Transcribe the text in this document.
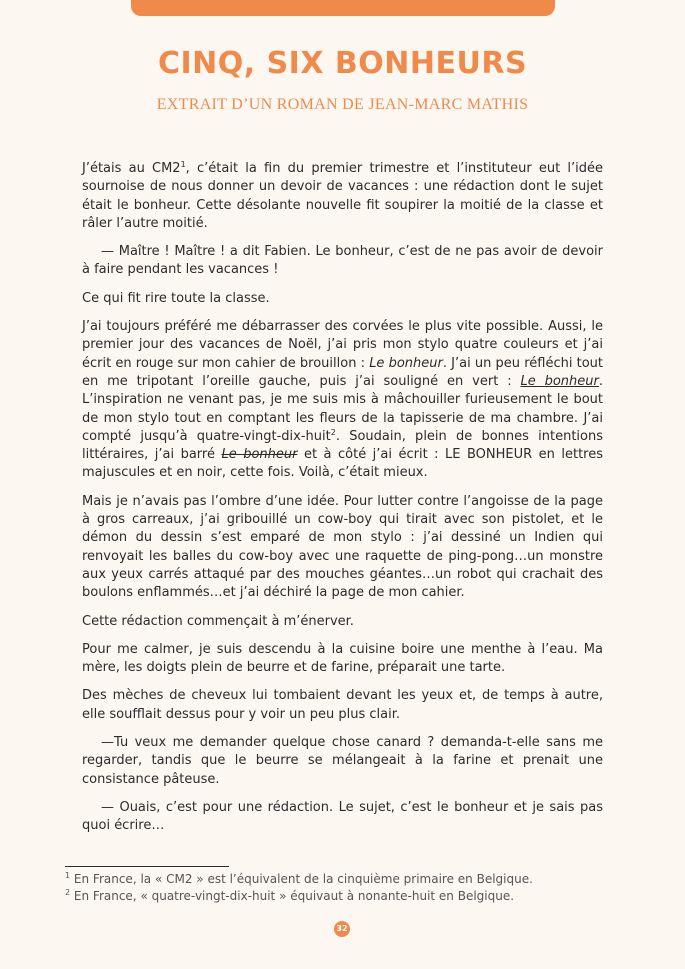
CINQ, SIX BONHEURS
EXTRAIT D’UN ROMAN DE JEAN-MARC MATHIS

J’étais au $CM2^1$, c’était la fin du premier trimestre et l’instituteur eut l’idée sournoise de nous donner un devoir de vacances : une rédaction dont le sujet était le bonheur. Cette désolante nouvelle fit soupirer la moitié de la classe et râler l’autre moitié.

— Maître ! Maître ! a dit Fabien. Le bonheur, c’est de ne pas avoir de devoir à faire pendant les vacances !

Ce qui fit rire toute la classe.

J’ai toujours préféré me débarrasser des corvées le plus vite possible. Aussi, le premier jour des vacances de Noël, j’ai pris mon stylo quatre couleurs et j’ai écrit en rouge sur mon cahier de brouillon : Le bonheur. J’ai un peu réfléchi tout en me tripotant l’oreille gauche, puis j’ai souligné en vert : Le bonheur. L’inspiration ne venant pas, je me suis mis à mâchouiller furieusement le bout de mon stylo tout en comptant les fleurs de la tapisserie de ma chambre. J’ai compté jusqu’à quatre-vingt-dix-huit$^2$. Soudain, plein de bonnes intentions littéraires, j’ai barré Le bonheur et à côté j’ai écrit : LE BONHEUR en lettres majuscules et en noir, cette fois. Voilà, c’était mieux.

Mais je n’avais pas l’ombre d’une idée. Pour lutter contre l’angoisse de la page à gros carreaux, j’ai gribouillé un cow-boy qui tirait avec son pistolet, et le démon du dessin s’est emparé de mon stylo : j’ai dessiné un Indien qui renvoyait les balles du cow-boy avec une raquette de ping-pong…un monstre aux yeux carrés attaqué par des mouches géantes…un robot qui crachait des boulons enflammés…et j’ai déchiré la page de mon cahier.

Cette rédaction commençait à m’énerver.

Pour me calmer, je suis descendu à la cuisine boire une menthe à l’eau. Ma mère, les doigts plein de beurre et de farine, préparait une tarte.

Des mèches de cheveux lui tombaient devant les yeux et, de temps à autre, elle soufflait dessus pour y voir un peu plus clair.

—Tu veux me demander quelque chose canard ? demanda-t-elle sans me regarder, tandis que le beurre se mélangeait à la farine et prenait une consistance pâteuse.

— Ouais, c’est pour une rédaction. Le sujet, c’est le bonheur et je sais pas quoi écrire…

$^1$ En France, la « CM2 » est l’équivalent de la cinquième primaire en Belgique.
$^2$ En France, « quatre-vingt-dix-huit » équivaut à nonante-huit en Belgique.
32
